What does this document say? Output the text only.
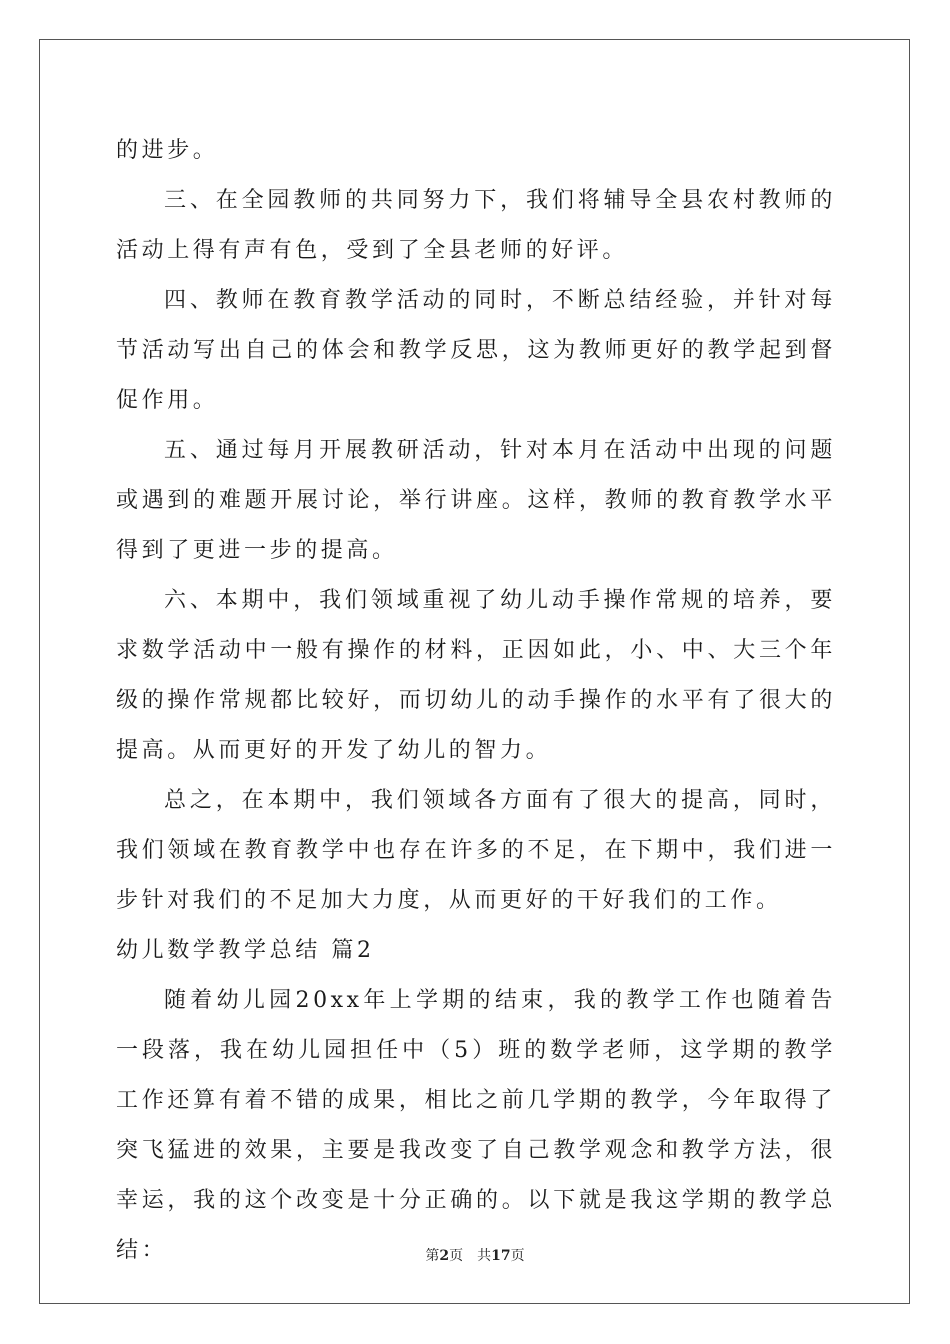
的进步。

三、在全园教师的共同努力下，我们将辅导全县农村教师的活动上得有声有色，受到了全县老师的好评。

四、教师在教育教学活动的同时，不断总结经验，并针对每节活动写出自己的体会和教学反思，这为教师更好的教学起到督促作用。

五、通过每月开展教研活动，针对本月在活动中出现的问题或遇到的难题开展讨论，举行讲座。这样，教师的教育教学水平得到了更进一步的提高。

六、本期中，我们领域重视了幼儿动手操作常规的培养，要求数学活动中一般有操作的材料，正因如此，小、中、大三个年级的操作常规都比较好，而切幼儿的动手操作的水平有了很大的提高。从而更好的开发了幼儿的智力。

总之，在本期中，我们领域各方面有了很大的提高，同时，我们领域在教育教学中也存在许多的不足，在下期中，我们进一步针对我们的不足加大力度，从而更好的干好我们的工作。

幼儿数学教学总结 篇2

随着幼儿园20xx年上学期的结束，我的教学工作也随着告一段落，我在幼儿园担任中（5）班的数学老师，这学期的教学工作还算有着不错的成果，相比之前几学期的教学，今年取得了突飞猛进的效果，主要是我改变了自己教学观念和教学方法，很幸运，我的这个改变是十分正确的。以下就是我这学期的教学总结：	第2页 共17页
